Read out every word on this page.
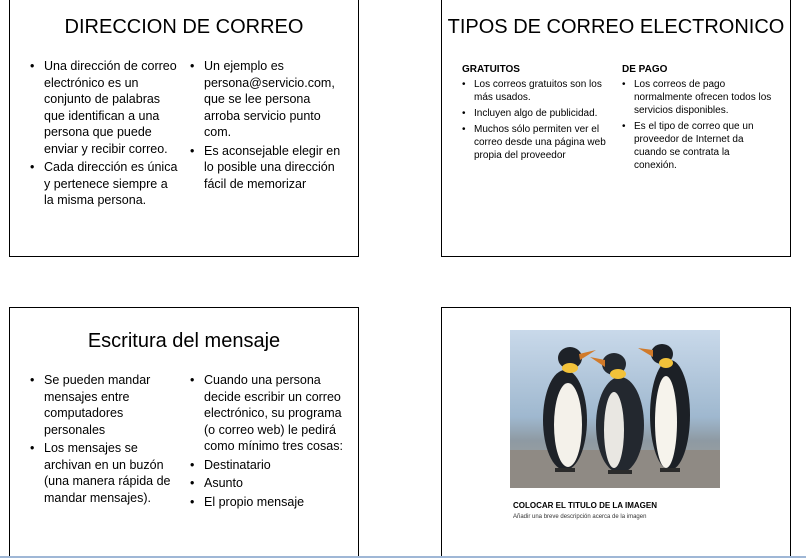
DIRECCION DE CORREO
• Una dirección de correo electrónico es un conjunto de palabras que identifican a una persona que puede enviar y recibir correo.
• Cada dirección es única y pertenece siempre a la misma persona.
• Un ejemplo es persona@servicio.com, que se lee persona arroba servicio punto com.
• Es aconsejable elegir en lo posible una dirección fácil de memorizar
TIPOS DE CORREO ELECTRONICO
GRATUITOS
• Los correos gratuitos son los más usados.
• Incluyen algo de publicidad.
• Muchos sólo permiten ver el correo desde una página web propia del proveedor
DE PAGO
• Los correos de pago normalmente ofrecen todos los servicios disponibles.
• Es el tipo de correo que un proveedor de Internet da cuando se contrata la conexión.
Escritura del mensaje
• Se pueden mandar mensajes entre computadores personales
• Los mensajes se archivan en un buzón (una manera rápida de mandar mensajes).
• Cuando una persona decide escribir un correo electrónico, su programa (o correo web) le pedirá como mínimo tres cosas:
• Destinatario
• Asunto
• El propio mensaje	COLOCAR EL TITULO DE LA IMAGEN
Añadir una breve descripción acerca de la imagen
